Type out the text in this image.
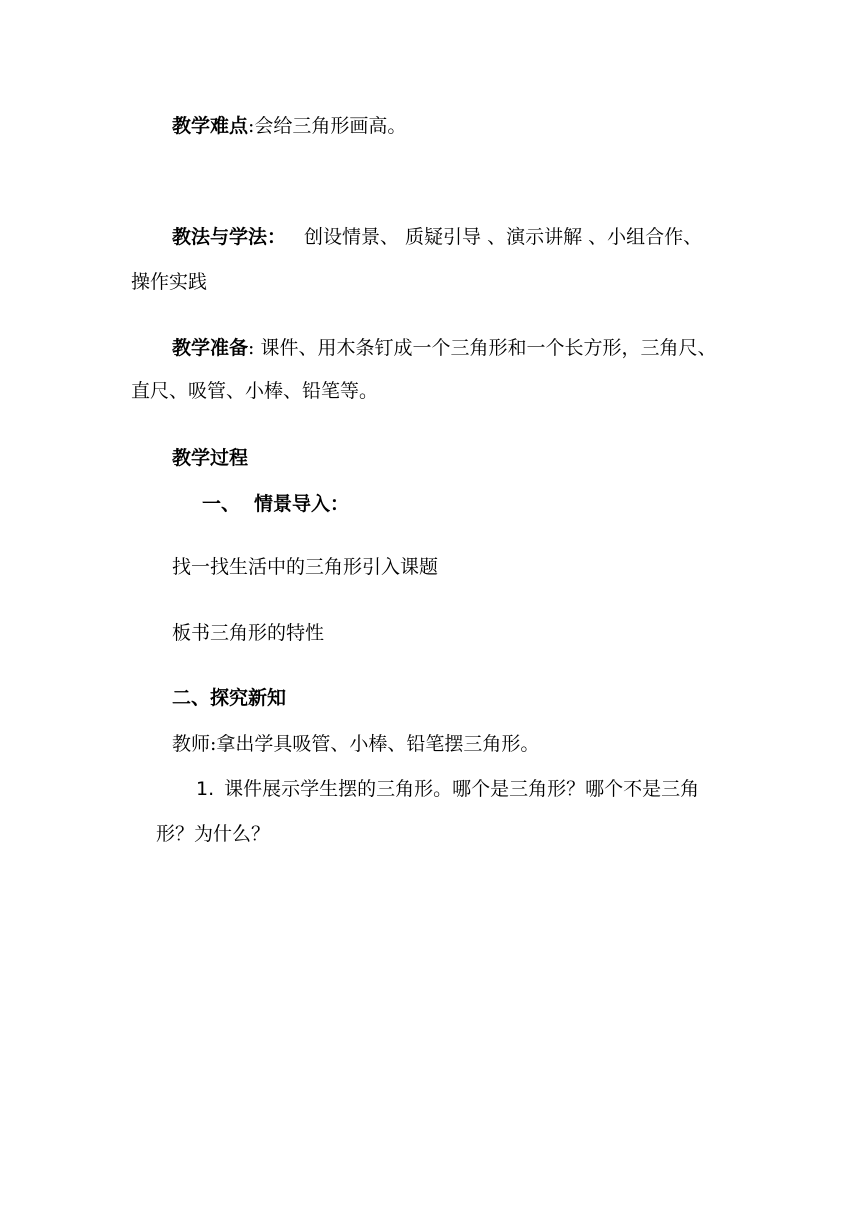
教学难点:会给三角形画高。
教法与学法： 创设情景、 质疑引导 、演示讲解 、小组合作、
操作实践
教学准备: 课件、用木条钉成一个三角形和一个长方形，三角尺、
直尺、吸管、小棒、铅笔等。
教学过程
一、 情景导入：
找一找生活中的三角形引入课题
板书三角形的特性
二、探究新知
教师:拿出学具吸管、小棒、铅笔摆三角形。
1. 课件展示学生摆的三角形。哪个是三角形？哪个不是三角
形？为什么？
